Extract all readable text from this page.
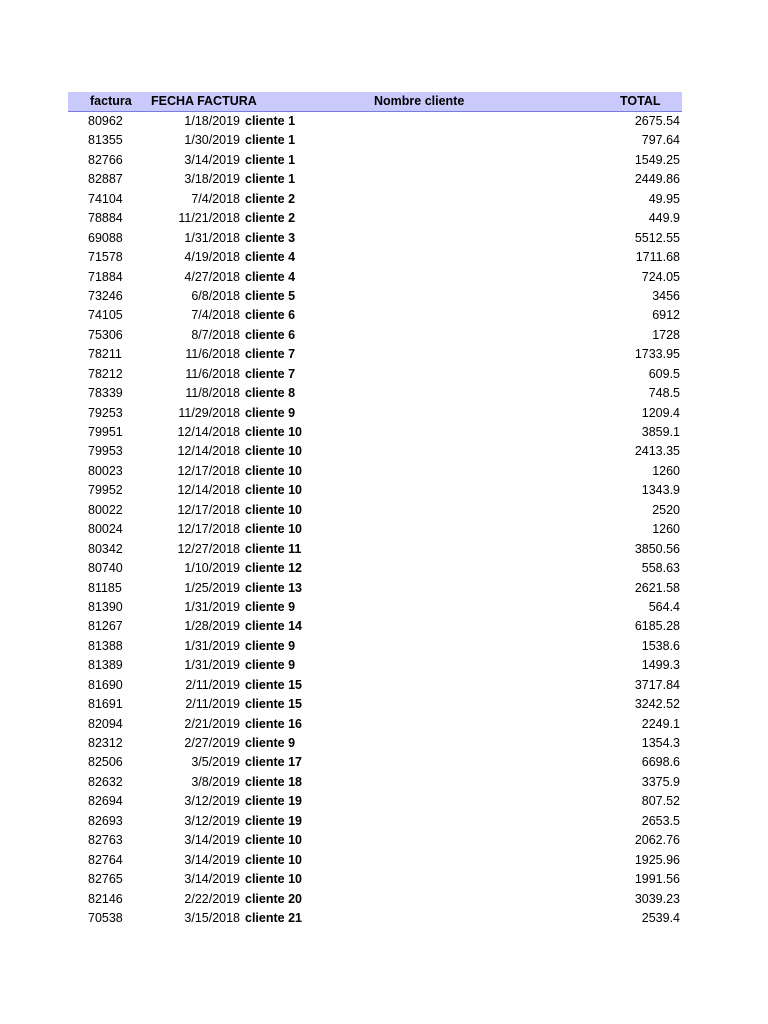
factura	FECHA FACTURA	Nombre cliente	TOTAL
80962	1/18/2019 cliente 1	2675.54
81355	1/30/2019 cliente 1	797.64
82766	3/14/2019 cliente 1	1549.25
82887	3/18/2019 cliente 1	2449.86
74104	7/4/2018 cliente 2	49.95
78884	11/21/2018 cliente 2	449.9
69088	1/31/2018 cliente 3	5512.55
71578	4/19/2018 cliente 4	1711.68
71884	4/27/2018 cliente 4	724.05
73246	6/8/2018 cliente 5	3456
74105	7/4/2018 cliente 6	6912
75306	8/7/2018 cliente 6	1728
78211	11/6/2018 cliente 7	1733.95
78212	11/6/2018 cliente 7	609.5
78339	11/8/2018 cliente 8	748.5
79253	11/29/2018 cliente 9	1209.4
79951	12/14/2018 cliente 10	3859.1
79953	12/14/2018 cliente 10	2413.35
80023	12/17/2018 cliente 10	1260
79952	12/14/2018 cliente 10	1343.9
80022	12/17/2018 cliente 10	2520
80024	12/17/2018 cliente 10	1260
80342	12/27/2018 cliente 11	3850.56
80740	1/10/2019 cliente 12	558.63
81185	1/25/2019 cliente 13	2621.58
81390	1/31/2019 cliente 9	564.4
81267	1/28/2019 cliente 14	6185.28
81388	1/31/2019 cliente 9	1538.6
81389	1/31/2019 cliente 9	1499.3
81690	2/11/2019 cliente 15	3717.84
81691	2/11/2019 cliente 15	3242.52
82094	2/21/2019 cliente 16	2249.1
82312	2/27/2019 cliente 9	1354.3
82506	3/5/2019 cliente 17	6698.6
82632	3/8/2019 cliente 18	3375.9
82694	3/12/2019 cliente 19	807.52
82693	3/12/2019 cliente 19	2653.5
82763	3/14/2019 cliente 10	2062.76
82764	3/14/2019 cliente 10	1925.96
82765	3/14/2019 cliente 10	1991.56
82146	2/22/2019 cliente 20	3039.23
70538	3/15/2018 cliente 21	2539.4
